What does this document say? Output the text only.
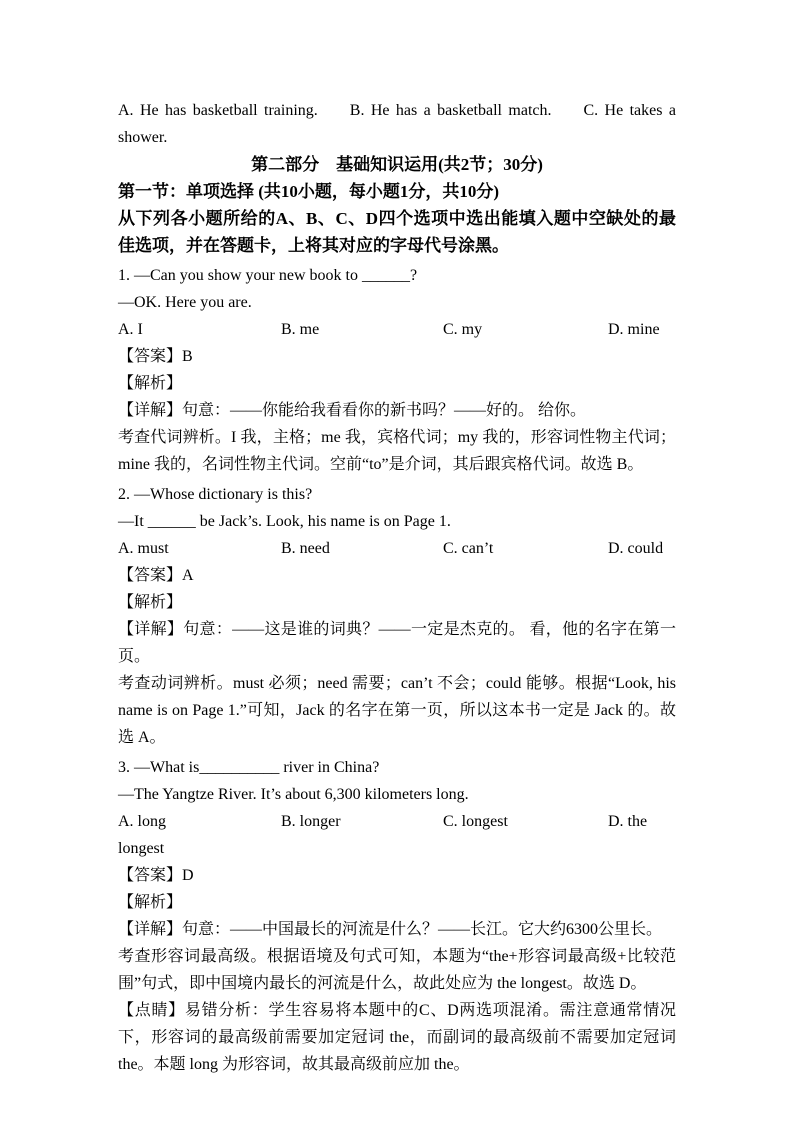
A. He has basketball training.     B. He has a basketball match.     C. He takes a shower.

第二部分　基础知识运用(共2节；30分)

第一节：单项选择 (共10小题，每小题1分，共10分)

从下列各小题所给的A、B、C、D四个选项中选出能填入题中空缺处的最佳选项，并在答题卡，上将其对应的字母代号涂黑。

1. —Can you show your new book to ______?

—OK. Here you are.

A. I	B. me	C. my	D. mine

【答案】B

【解析】

【详解】句意：——你能给我看看你的新书吗？——好的。 给你。

考查代词辨析。I 我，主格；me 我，宾格代词；my 我的，形容词性物主代词；mine 我的，名词性物主代词。空前“to”是介词，其后跟宾格代词。故选 B。

2. —Whose dictionary is this?

—It ______ be Jack’s. Look, his name is on Page 1.

A. must	B. need	C. can’t	D. could

【答案】A

【解析】

【详解】句意：——这是谁的词典？——一定是杰克的。 看，他的名字在第一页。

考查动词辨析。must 必须；need 需要；can’t 不会；could 能够。根据“Look, his name is on Page 1.”可知，Jack 的名字在第一页，所以这本书一定是 Jack 的。故选 A。

3. —What is__________ river in China?

—The Yangtze River. It’s about 6,300 kilometers long.

A. long	B. longer	C. longest	D. the

longest

【答案】D

【解析】

【详解】句意：——中国最长的河流是什么？——长江。它大约6300公里长。

考查形容词最高级。根据语境及句式可知，本题为“the+形容词最高级+比较范围”句式，即中国境内最长的河流是什么，故此处应为 the longest。故选 D。

【点睛】易错分析：学生容易将本题中的C、D两选项混淆。需注意通常情况下，形容词的最高级前需要加定冠词 the，而副词的最高级前不需要加定冠词 the。本题 long 为形容词，故其最高级前应加 the。
